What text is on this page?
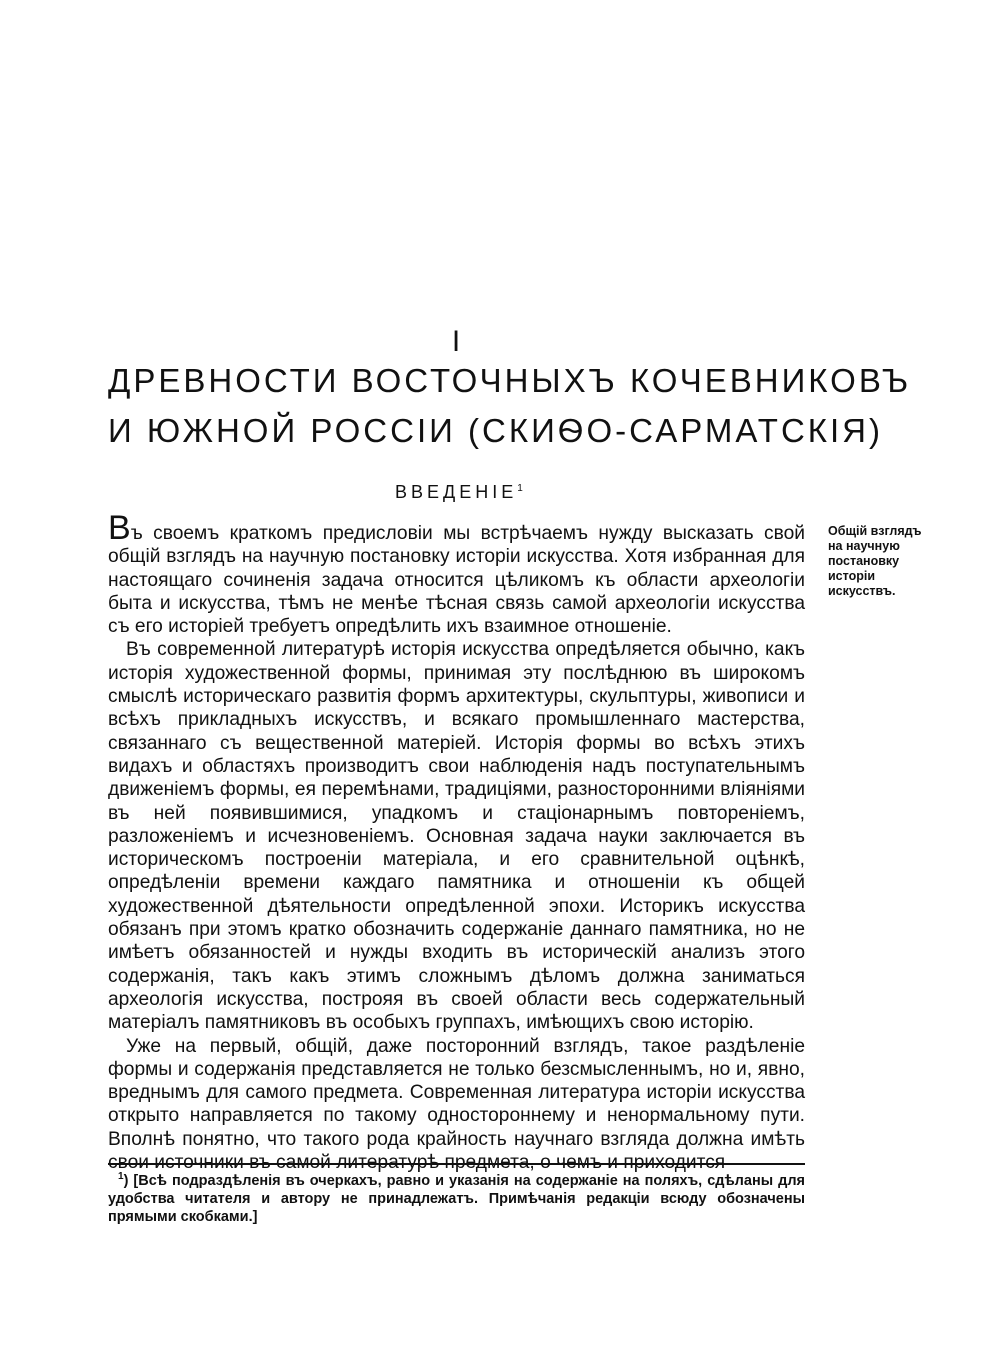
I
ДРЕВНОСТИ ВОСТОЧНЫХЪ КОЧЕВНИКОВЪ
И ЮЖНОЙ РОССIИ (СКИѲО-САРМАТСКIЯ)
ВВЕДЕНIЕ$^1$

Въ своемъ краткомъ предисловiи мы встрѣчаемъ нужду высказать свой общiй взглядъ на научную постановку исторiи искусства. Хотя избранная для настоящаго сочиненiя задача относится цѣликомъ къ области археологiи быта и искусства, тѣмъ не менѣе тѣсная связь самой археологiи искусства съ его исторiей требуетъ опредѣлить ихъ взаимное отношенiе.

Въ современной литературѣ исторiя искусства опредѣляется обычно, какъ исторiя художественной формы, принимая эту послѣднюю въ широкомъ смыслѣ историческаго развитiя формъ архитектуры, скульптуры, живописи и всѣхъ прикладныхъ искусствъ, и всякаго промышленнаго мастерства, связаннаго съ вещественной матерiей. Исторiя формы во всѣхъ этихъ видахъ и областяхъ производитъ свои наблюденiя надъ поступательнымъ движенiемъ формы, ея перемѣнами, традицiями, разносторонними влiянiями въ ней появившимися, упадкомъ и стацiонарнымъ повторенiемъ, разложенiемъ и исчезновенiемъ. Основная задача науки заключается въ историческомъ построенiи матерiала, и его сравнительной оцѣнкѣ, опредѣленiи времени каждаго памятника и отношенiи къ общей художественной дѣятельности опредѣленной эпохи. Историкъ искусства обязанъ при этомъ кратко обозначить содержанiе даннаго памятника, но не имѣетъ обязанностей и нужды входить въ историческiй анализъ этого содержанiя, такъ какъ этимъ сложнымъ дѣломъ должна заниматься археологiя искусства, построяя въ своей области весь содержательный матерiалъ памятниковъ въ особыхъ группахъ, имѣющихъ свою исторiю.

Уже на первый, общiй, даже посторонний взглядъ, такое раздѣленiе формы и содержанiя представляется не только безсмысленнымъ, но и, явно, вреднымъ для самого предмета. Современная литература исторiи искусства открыто направляется по такому одностороннему и ненормальному пути. Вполнѣ понятно, что такого рода крайность научнаго взгляда должна имѣть свои источники въ самой литературѣ предмета, о чемъ и приходится

Общiй взглядъ на научную постановку исторiи искусствъ.
$^1$) [Всѣ подраздѣленiя въ очеркахъ, равно и указанiя на содержанiе на поляхъ, сдѣланы для удобства читателя и автору не принадлежатъ. Примѣчанiя редакцiи всюду обозначены прямыми скобками.]
